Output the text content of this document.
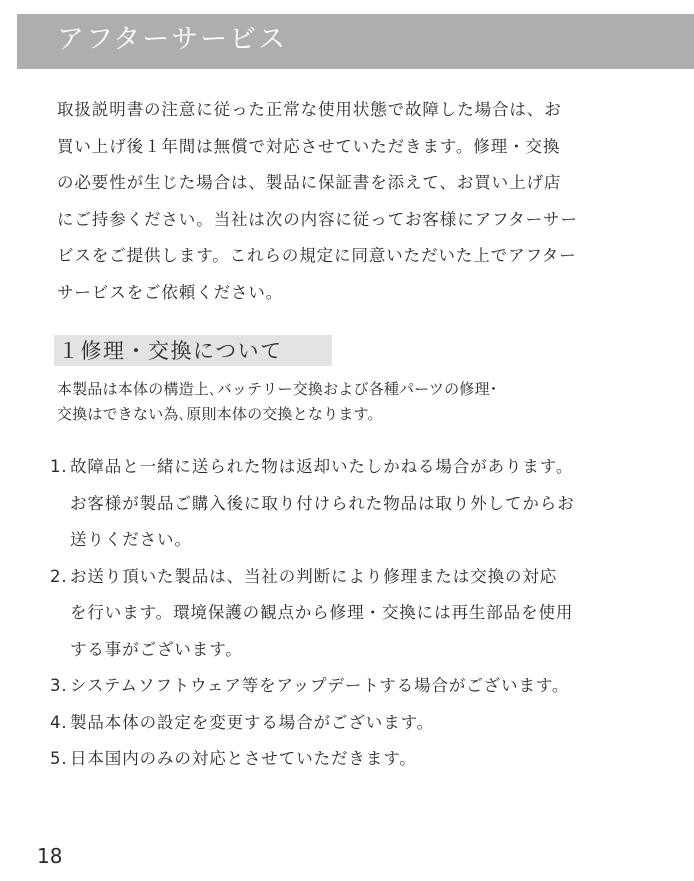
アフターサービス

取扱説明書の注意に従った正常な使用状態で故障した場合は、お
買い上げ後１年間は無償で対応させていただきます。修理・交換
の必要性が生じた場合は、製品に保証書を添えて、お買い上げ店
にご持参ください。当社は次の内容に従ってお客様にアフターサー
ビスをご提供します。これらの規定に同意いただいた上でアフター
サービスをご依頼ください。

１修理・交換について

本製品は本体の構造上､バッテリー交換および各種パーツの修理･
交換はできない為､原則本体の交換となります。

1. 故障品と一緒に送られた物は返却いたしかねる場合があります。
お客様が製品ご購入後に取り付けられた物品は取り外してからお
送りください。
2. お送り頂いた製品は、当社の判断により修理または交換の対応
を行います。環境保護の観点から修理・交換には再生部品を使用
する事がございます。
3. システムソフトウェア等をアップデートする場合がございます。
4. 製品本体の設定を変更する場合がございます。
5. 日本国内のみの対応とさせていただきます。
18
